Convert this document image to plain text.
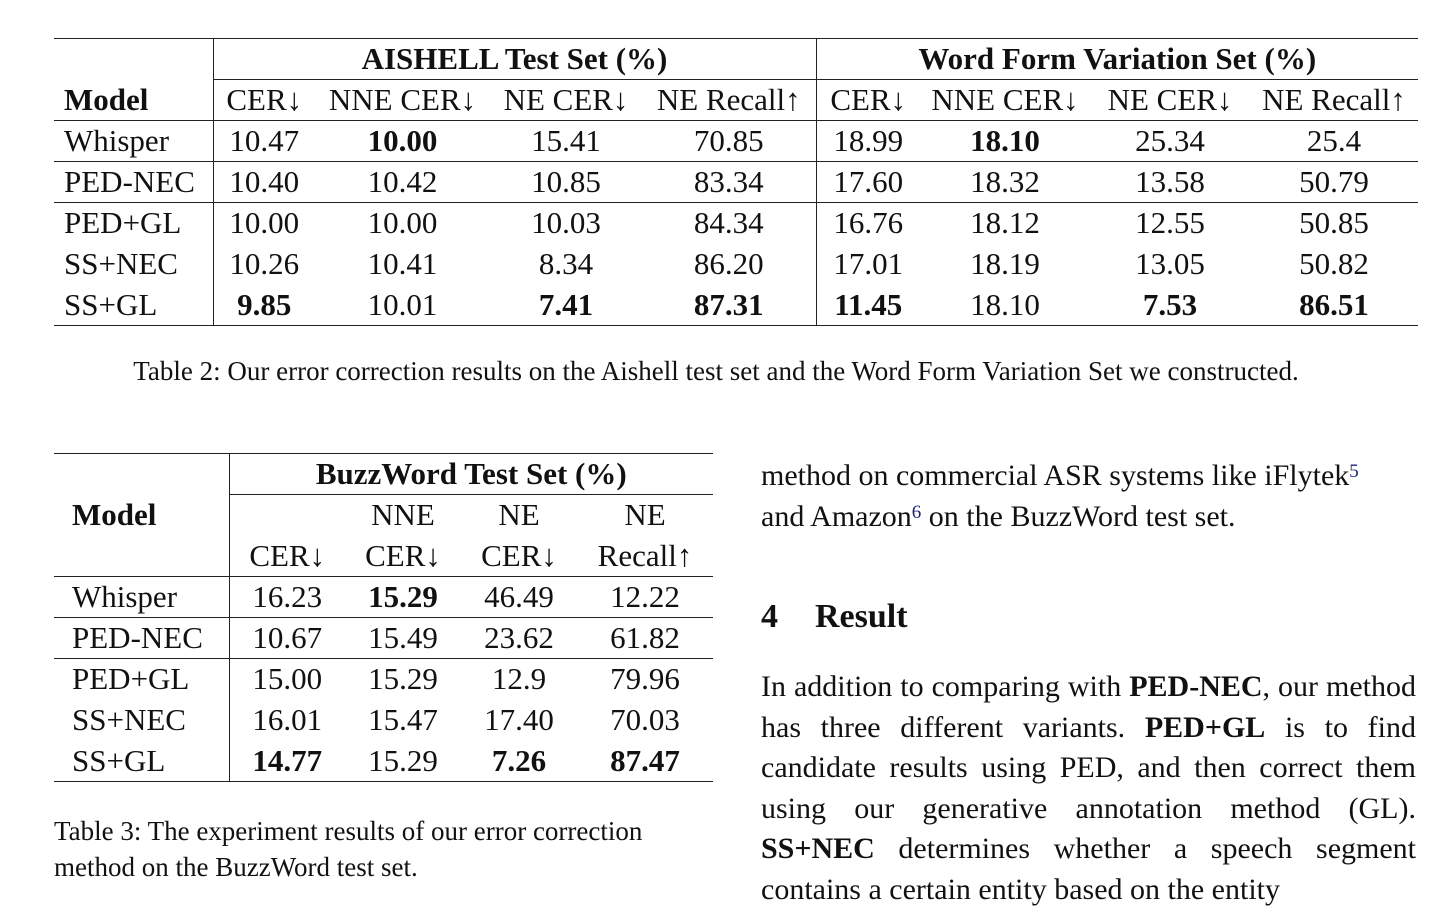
	AISHELL Test Set (%)				Word Form Variation Set (%)			
Model	CER↓	NNE CER↓	NE CER↓	NE Recall↑	CER↓	NNE CER↓	NE CER↓	NE Recall↑
Whisper	10.47	10.00	15.41	70.85	18.99	18.10	25.34	25.4
PED-NEC	10.40	10.42	10.85	83.34	17.60	18.32	13.58	50.79
PED+GL	10.00	10.00	10.03	84.34	16.76	18.12	12.55	50.85
SS+NEC	10.26	10.41	8.34	86.20	17.01	18.19	13.05	50.82
SS+GL	9.85	10.01	7.41	87.31	11.45	18.10	7.53	86.51
Table 2: Our error correction results on the Aishell test set and the Word Form Variation Set we constructed.
	BuzzWord Test Set (%)			
Model		NNE	NE	NE
	CER↓	CER↓	CER↓	Recall↑
Whisper	16.23	15.29	46.49	12.22
PED-NEC	10.67	15.49	23.62	61.82
PED+GL	15.00	15.29	12.9	79.96
SS+NEC	16.01	15.47	17.40	70.03
SS+GL	14.77	15.29	7.26	87.47
Table 3: The experiment results of our error correction method on the BuzzWord test set.
method on commercial ASR systems like iFlytek$^5$
and Amazon$^6$ on the BuzzWord test set.
4 Result
In addition to comparing with PED-NEC, our method has three different variants. PED+GL is to find candidate results using PED, and then correct them using our generative annotation method (GL). SS+NEC determines whether a speech segment contains a certain entity based on the entity
